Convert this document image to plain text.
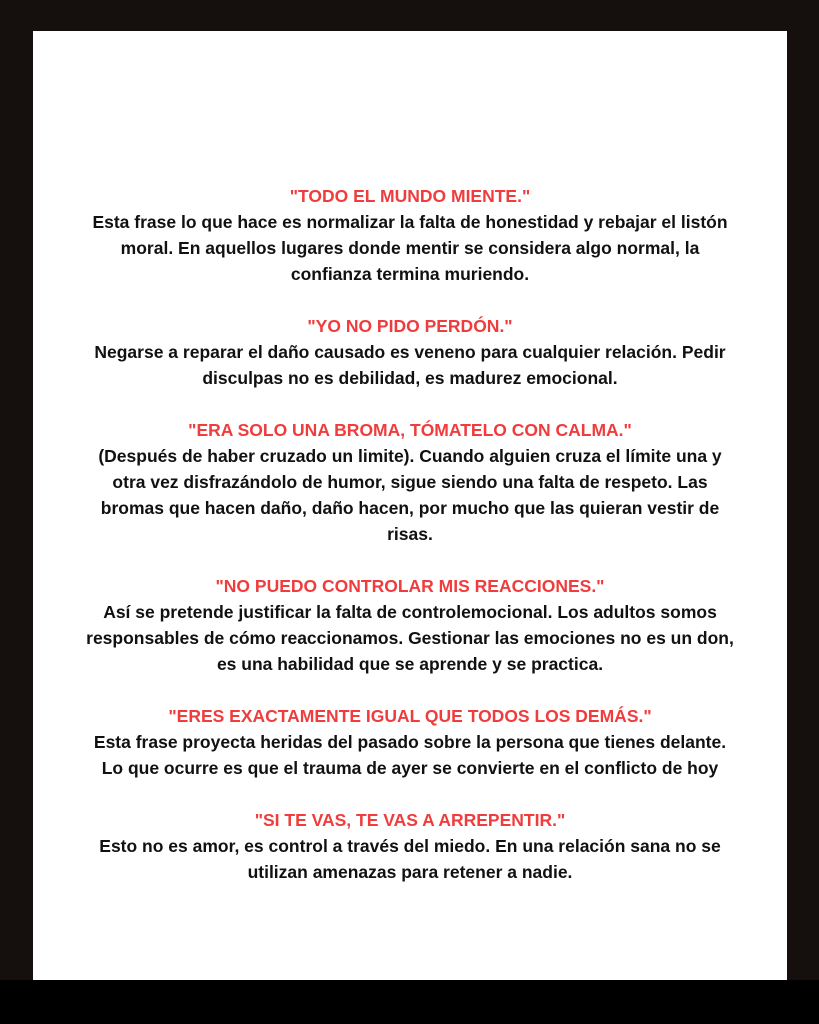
"TODO EL MUNDO MIENTE."

Esta frase lo que hace es normalizar la falta de honestidad y rebajar el listón

moral. En aquellos lugares donde mentir se considera algo normal, la

confianza termina muriendo.

"YO NO PIDO PERDÓN."

Negarse a reparar el daño causado es veneno para cualquier relación. Pedir

disculpas no es debilidad, es madurez emocional.

"ERA SOLO UNA BROMA, TÓMATELO CON CALMA."

(Después de haber cruzado un limite). Cuando alguien cruza el límite una y

otra vez disfrazándolo de humor, sigue siendo una falta de respeto. Las

bromas que hacen daño, daño hacen, por mucho que las quieran vestir de

risas.

"NO PUEDO CONTROLAR MIS REACCIONES."

Así se pretende justificar la falta de controlemocional. Los adultos somos

responsables de cómo reaccionamos. Gestionar las emociones no es un don,

es una habilidad que se aprende y se practica.

"ERES EXACTAMENTE IGUAL QUE TODOS LOS DEMÁS."

Esta frase proyecta heridas del pasado sobre la persona que tienes delante.

Lo que ocurre es que el trauma de ayer se convierte en el conflicto de hoy

"SI TE VAS, TE VAS A ARREPENTIR."

Esto no es amor, es control a través del miedo. En una relación sana no se

utilizan amenazas para retener a nadie.
